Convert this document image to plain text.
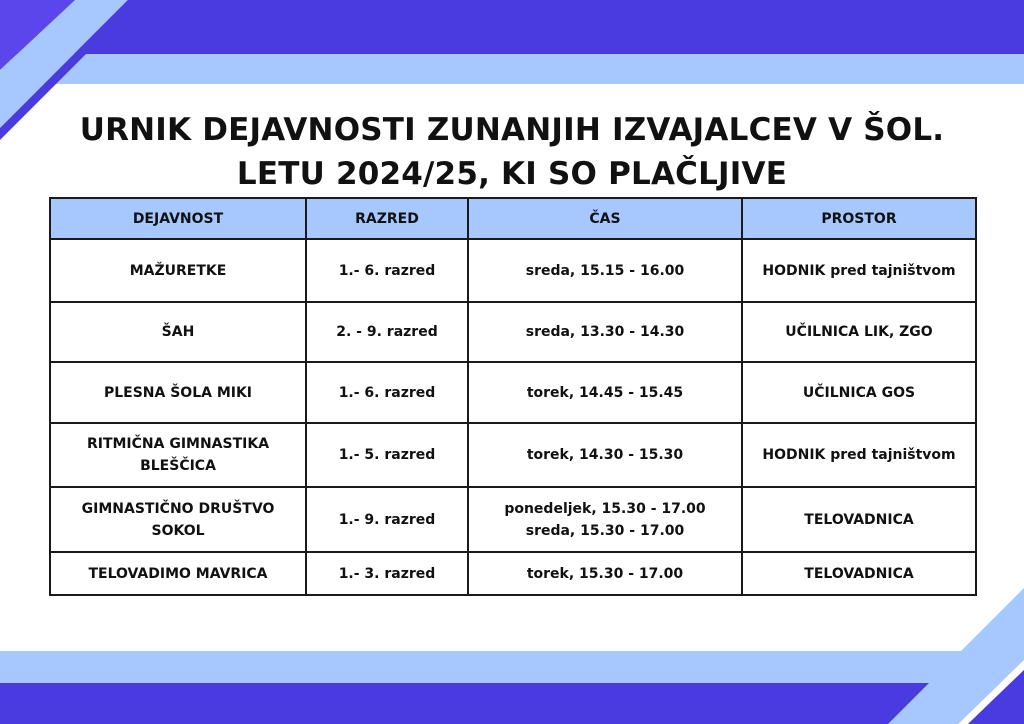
URNIK DEJAVNOSTI ZUNANJIH IZVAJALCEV V ŠOL.
LETU 2024/25, KI SO PLAČLJIVE
DEJAVNOST	RAZRED	ČAS	PROSTOR

MAŽURETKE	1.- 6. razred	sreda, 15.15 - 16.00	HODNIK pred tajništvom

ŠAH	2. - 9. razred	sreda, 13.30 - 14.30	UČILNICA LIK, ZGO

PLESNA ŠOLA MIKI	1.- 6. razred	torek, 14.45 - 15.45	UČILNICA GOS

RITMIČNA GIMNASTIKA
BLEŠČICA	1.- 5. razred	torek, 14.30 - 15.30	HODNIK pred tajništvom

GIMNASTIČNO DRUŠTVO
SOKOL	1.- 9. razred	ponedeljek, 15.30 - 17.00
sreda, 15.30 - 17.00	TELOVADNICA

TELOVADIMO MAVRICA	1.- 3. razred	torek, 15.30 - 17.00	TELOVADNICA
